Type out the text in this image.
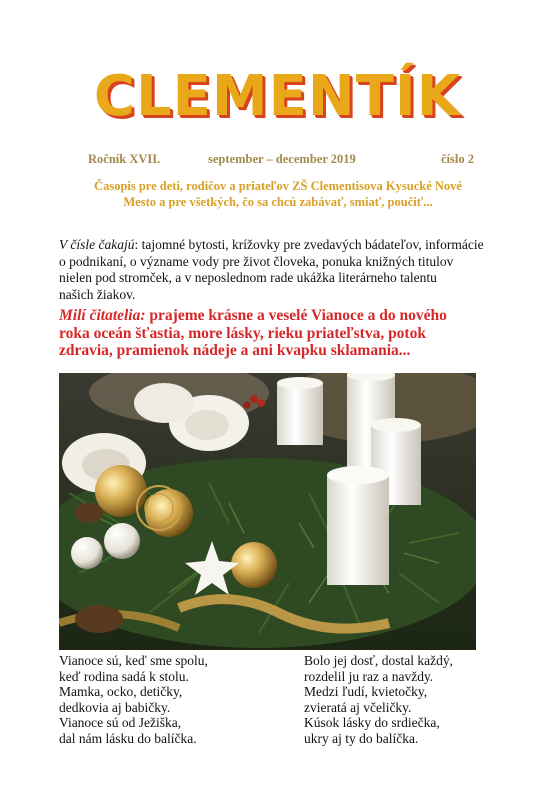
CLEMENTÍK
Ročník XVII.	september – december 2019	číslo 2
Časopis pre deti, rodičov a priateľov ZŠ Clementisova Kysucké Nové
Mesto a pre všetkých, čo sa chcú zabávať, smiať, poučiť...
V čísle čakajú: tajomné bytosti, krížovky pre zvedavých bádateľov, informácie
o podnikaní, o význame vody pre život človeka, ponuka knižných titulov
nielen pod stromček, a v neposlednom rade ukážka literárneho talentu
našich žiakov.
Milí čitatelia: prajeme krásne a veselé Vianoce a do nového
roka oceán šťastia, more lásky, rieku priateľstva, potok
zdravia, pramienok nádeje a ani kvapku sklamania...
Vianoce sú, keď sme spolu,
keď rodina sadá k stolu.
Mamka, ocko, detičky,
dedkovia aj babičky.
Vianoce sú od Ježiška,
dal nám lásku do balíčka.
Bolo jej dosť, dostal každý,
rozdelil ju raz a navždy.
Medzi ľudí, kvietočky,
zvieratá aj včeličky.
Kúsok lásky do srdiečka,
ukry aj ty do balíčka.
